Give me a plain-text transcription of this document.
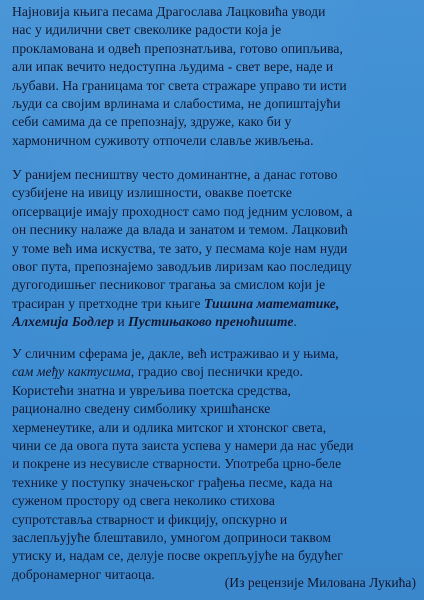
Најновија књига песама Драгослава Лацковића уводи
нас у идилични свет свеколике радости која је
прокламована и одвећ препознатљива, готово опипљива,
али ипак вечито недоступна људима - свет вере, наде и
љубави. На границама тог света стражаре управо ти исти
људи са својим врлинама и слабостима, не допиштајући
себи самима да се препознају, здруже, како би у
хармоничном суживоту отпочели славље живљења.
У ранијем песништву често доминантне, а данас готово
сузбијене на ивицу излишности, овакве поетске
опсервације имају проходност само под једним условом, а
он песнику налаже да влада и занатом и темом. Лацковић
у томе већ има искуства, те зато, у песмама које нам нуди
овог пута, препознајемо заводљив лиризам као последицу
дугогодишњег песниковог трагања за смислом који је
трасиран у претходне три књиге Тишина математике,
Алхемија Бодлер и Пустињаково преноћиште.
У сличним сферама је, дакле, већ истраживао и у њима,
сам међу кактусима, градио свој песнички кредо.
Користећи знатна и уврељива поетска средства,
рационално сведену симболику хришћанске
херменеутике, али и одлика митског и хтонског света,
чини се да овога пута заиста успева у намери да нас убеди
и покрене из несувисле стварности. Употреба црно-беле
технике у поступку значењског грађења песме, када на
суженом простору од свега неколико стихова
супротставља стварност и фикцију, опскурно и
заслепљујуће блештавило, умногом доприноси таквом
утиску и, надам се, делује посве окрепљујуће на будућег
добронамерног читаоца.
(Из рецензије Милована Лукића)
